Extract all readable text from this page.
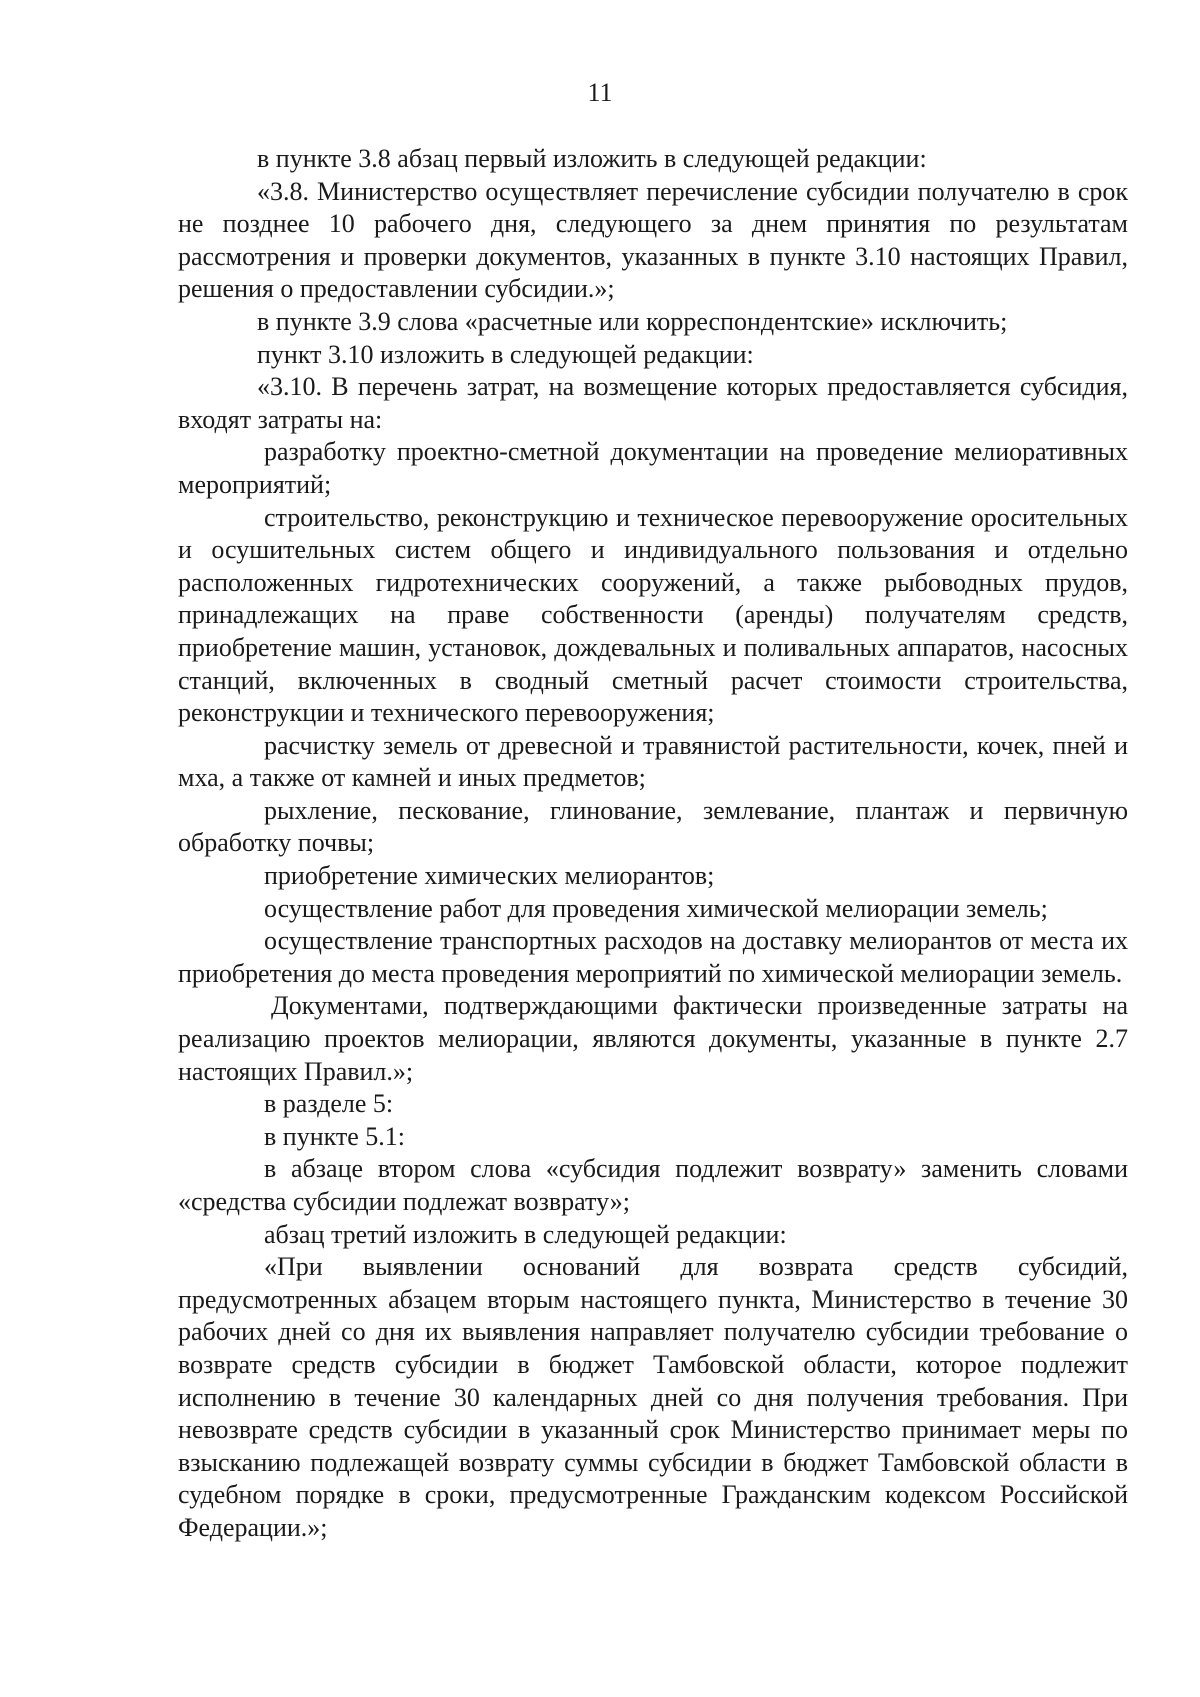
11

в пункте 3.8 абзац первый изложить в следующей редакции:

«3.8. Министерство осуществляет перечисление субсидии получателю в срок не позднее 10 рабочего дня, следующего за днем принятия по результатам рассмотрения и проверки документов, указанных в пункте 3.10 настоящих Правил, решения о предоставлении субсидии.»;

в пункте 3.9 слова «расчетные или корреспондентские» исключить;

пункт 3.10 изложить в следующей редакции:

«3.10. В перечень затрат, на возмещение которых предоставляется субсидия, входят затраты на:

разработку проектно-сметной документации на проведение мелиоративных мероприятий;

строительство, реконструкцию и техническое перевооружение оросительных и осушительных систем общего и индивидуального пользования и отдельно расположенных гидротехнических сооружений, а также рыбоводных прудов, принадлежащих на праве собственности (аренды) получателям средств, приобретение машин, установок, дождевальных и поливальных аппаратов, насосных станций, включенных в сводный сметный расчет стоимости строительства, реконструкции и технического перевооружения;

расчистку земель от древесной и травянистой растительности, кочек, пней и мха, а также от камней и иных предметов;

рыхление, пескование, глинование, землевание, плантаж и первичную обработку почвы;

приобретение химических мелиорантов;

осуществление работ для проведения химической мелиорации земель;

осуществление транспортных расходов на доставку мелиорантов от места их приобретения до места проведения мероприятий по химической мелиорации земель.

Документами, подтверждающими фактически произведенные затраты на реализацию проектов мелиорации, являются документы, указанные в пункте 2.7 настоящих Правил.»;

в разделе 5:

в пункте 5.1:

в абзаце втором слова «субсидия подлежит возврату» заменить словами «средства субсидии подлежат возврату»;

абзац третий изложить в следующей редакции:

«При выявлении оснований для возврата средств субсидий, предусмотренных абзацем вторым настоящего пункта, Министерство в течение 30 рабочих дней со дня их выявления направляет получателю субсидии требование о возврате средств субсидии в бюджет Тамбовской области, которое подлежит исполнению в течение 30 календарных дней со дня получения требования. При невозврате средств субсидии в указанный срок Министерство принимает меры по взысканию подлежащей возврату суммы субсидии в бюджет Тамбовской области в судебном порядке в сроки, предусмотренные Гражданским кодексом Российской Федерации.»;
